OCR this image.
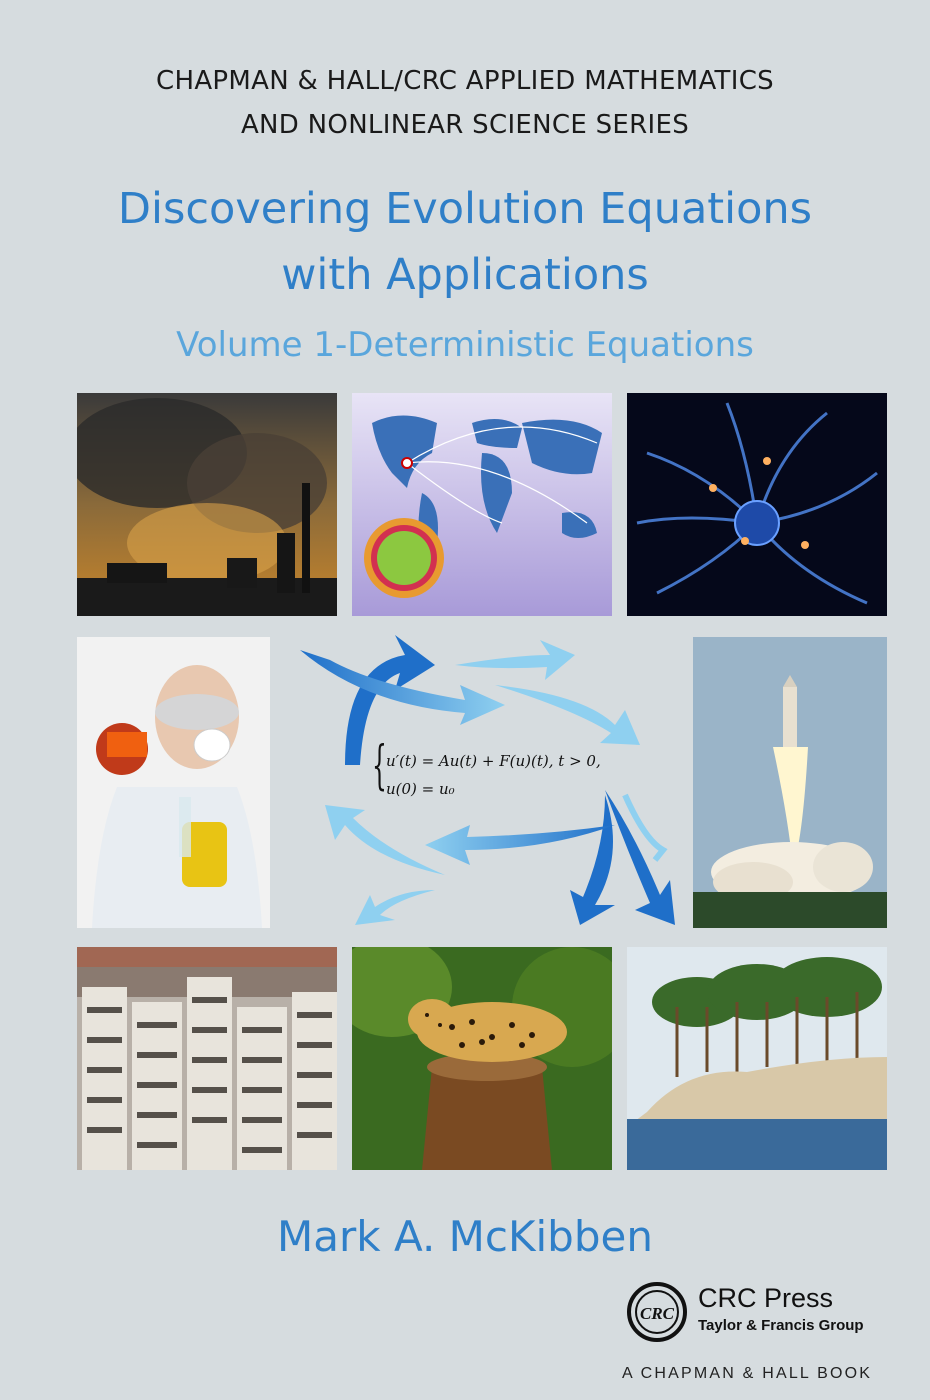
CHAPMAN & HALL/CRC APPLIED MATHEMATICS
AND NONLINEAR SCIENCE SERIES
Discovering Evolution Equations
with Applications
Volume 1-Deterministic Equations
{ u′(t) = Au(t) + F(u)(t), t > 0,
u(0) = u₀
Mark A. McKibben
CRC
CRC Press
Taylor & Francis Group
A CHAPMAN & HALL BOOK
